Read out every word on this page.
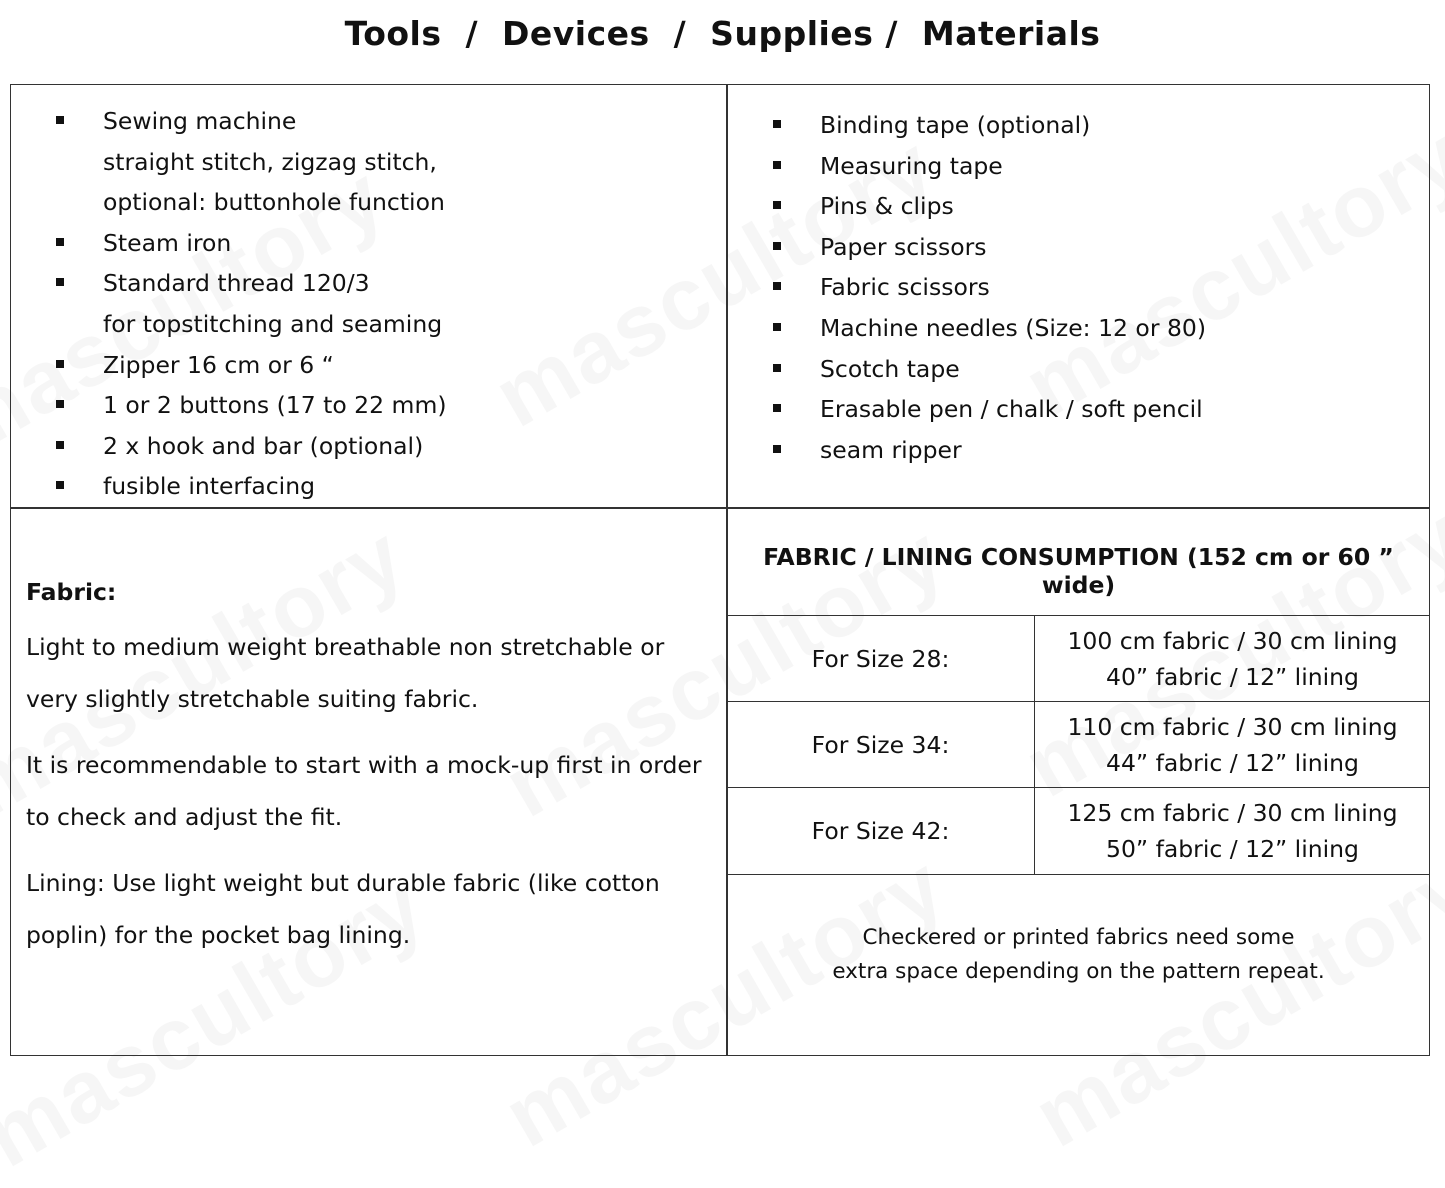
Tools  /  Devices  /  Supplies /  Materials
Sewing machine
straight stitch, zigzag stitch,
optional: buttonhole function
Steam iron
Standard thread 120/3
for topstitching and seaming
Zipper 16 cm or 6 “
1 or 2 buttons (17 to 22 mm)
2 x hook and bar (optional)
fusible interfacing
Binding tape (optional)
Measuring tape
Pins & clips
Paper scissors
Fabric scissors
Machine needles (Size: 12 or 80)
Scotch tape
Erasable pen / chalk / soft pencil
seam ripper
Fabric:

Light to medium weight breathable non stretchable or very slightly stretchable suiting fabric.

It is recommendable to start with a mock-up first in order to check and adjust the fit.

Lining: Use light weight but durable fabric (like cotton poplin) for the pocket bag lining.

FABRIC / LINING CONSUMPTION (152 cm or 60 ” wide)
For Size 28:
100 cm fabric / 30 cm lining
40” fabric / 12” lining
For Size 34:
110 cm fabric / 30 cm lining
44” fabric / 12” lining
For Size 42:
125 cm fabric / 30 cm lining
50” fabric / 12” lining
Checkered or printed fabrics need some
extra space depending on the pattern repeat.
